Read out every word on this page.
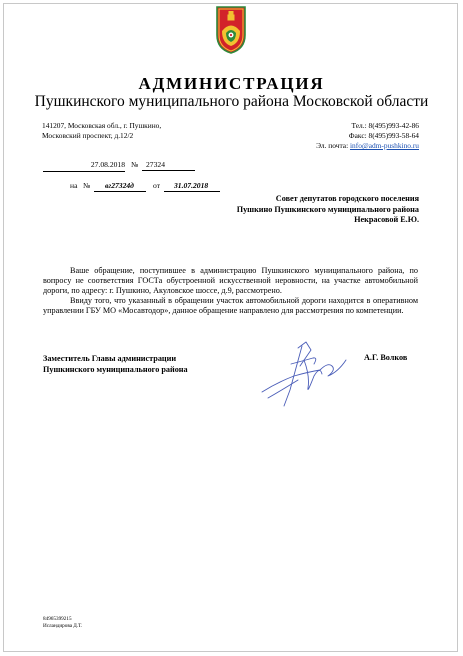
АДМИНИСТРАЦИЯ
Пушкинского муниципального района Московской области
141207, Московская обл., г. Пушкино,
Московский проспект, д.12/2
Тел.: 8(495)993-42-86
Факс: 8(495)993-58-64
Эл. почта: info@adm-pushkino.ru
27.08.2018 №	27324
на №	вг27324д	от	31.07.2018
Совет депутатов городского поселения
Пушкино Пушкинского муниципального района
Некрасовой Е.Ю.

Ваше обращение, поступившее в администрацию Пушкинского муниципального района, по вопросу не соответствия ГОСТа обустроенной искусственной неровности, на участке автомобильной дороги, по адресу: г. Пушкино, Акуловское шоссе, д.9, рассмотрено.

Ввиду того, что указанный в обращении участок автомобильной дороги находится в оперативном управлении ГБУ МО «Мосавтодор», данное обращение направлено для рассмотрения по компетенции.

Заместитель Главы администрации
Пушкинского муниципального района
А.Г. Волков
84965399215
Исландирова Д.Т.
